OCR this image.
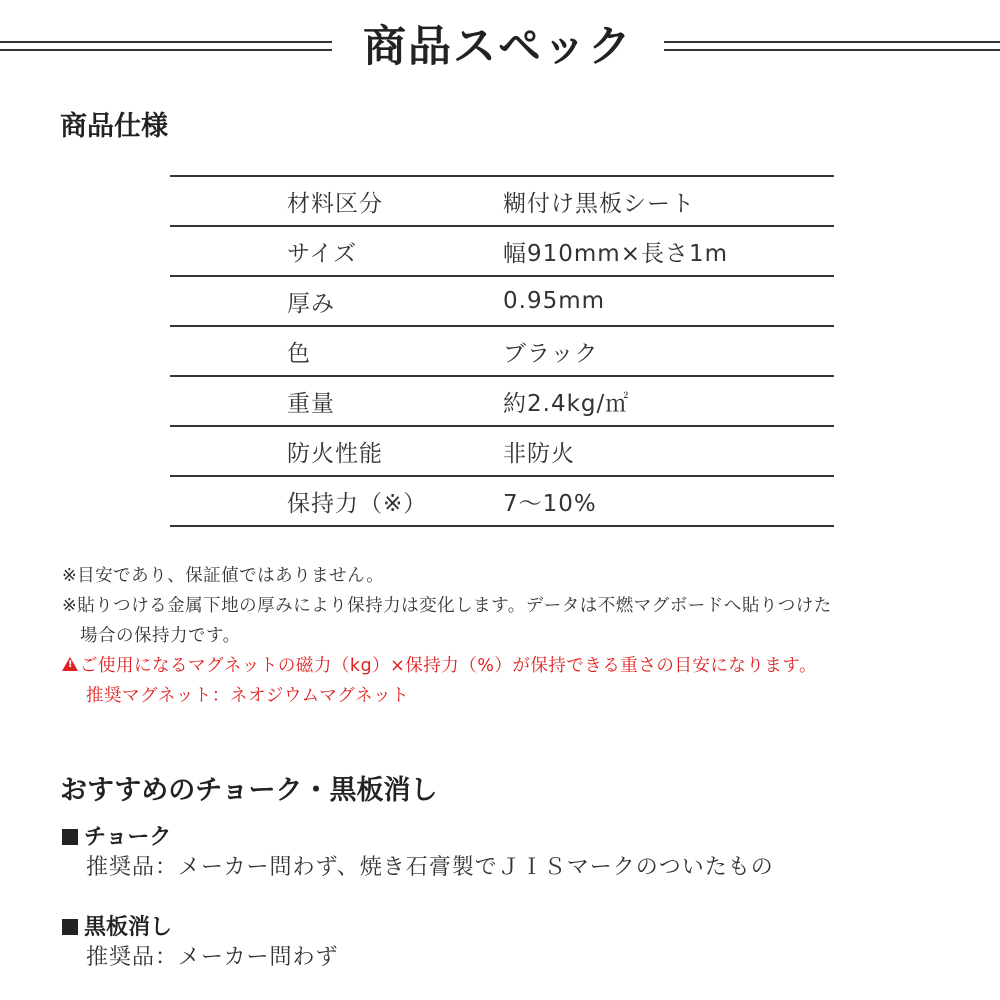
商品スペック
商品仕様
材料区分	糊付け黒板シート
サイズ	幅910mm×長さ1m
厚み	0.95mm
色	ブラック
重量	約2.4kg/㎡
防火性能	非防火
保持力（※）	7〜10%
※目安であり、保証値ではありません。
※貼りつける金属下地の厚みにより保持力は変化します。データは不燃マグボードへ貼りつけた
場合の保持力です。
!ご使用になるマグネットの磁力（kg）×保持力（%）が保持できる重さの目安になります。
推奨マグネット：ネオジウムマグネット
おすすめのチョーク・黒板消し
チョーク
推奨品：メーカー問わず、焼き石膏製でＪＩＳマークのついたもの
黒板消し
推奨品：メーカー問わず
